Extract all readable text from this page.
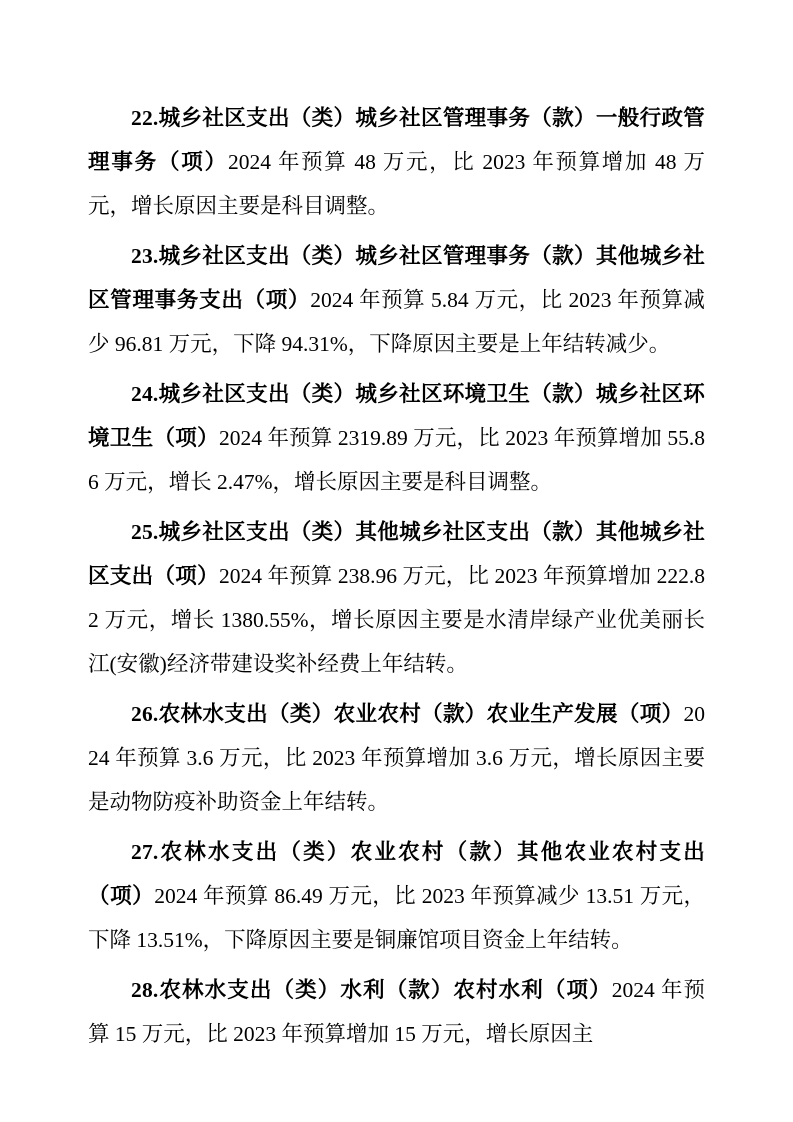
22.城乡社区支出（类）城乡社区管理事务（款）一般行政管理事务（项）2024 年预算 48 万元，比 2023 年预算增加 48 万元，增长原因主要是科目调整。

23.城乡社区支出（类）城乡社区管理事务（款）其他城乡社区管理事务支出（项）2024 年预算 5.84 万元，比 2023 年预算减少 96.81 万元，下降 94.31%，下降原因主要是上年结转减少。

24.城乡社区支出（类）城乡社区环境卫生（款）城乡社区环境卫生（项）2024 年预算 2319.89 万元，比 2023 年预算增加 55.86 万元，增长 2.47%，增长原因主要是科目调整。

25.城乡社区支出（类）其他城乡社区支出（款）其他城乡社区支出（项）2024 年预算 238.96 万元，比 2023 年预算增加 222.82 万元，增长 1380.55%，增长原因主要是水清岸绿产业优美丽长江(安徽)经济带建设奖补经费上年结转。

26.农林水支出（类）农业农村（款）农业生产发展（项）2024 年预算 3.6 万元，比 2023 年预算增加 3.6 万元，增长原因主要是动物防疫补助资金上年结转。

27.农林水支出（类）农业农村（款）其他农业农村支出（项）2024 年预算 86.49 万元，比 2023 年预算减少 13.51 万元，下降 13.51%，下降原因主要是铜廉馆项目资金上年结转。

28.农林水支出（类）水利（款）农村水利（项）2024 年预算 15 万元，比 2023 年预算增加 15 万元，增长原因主
